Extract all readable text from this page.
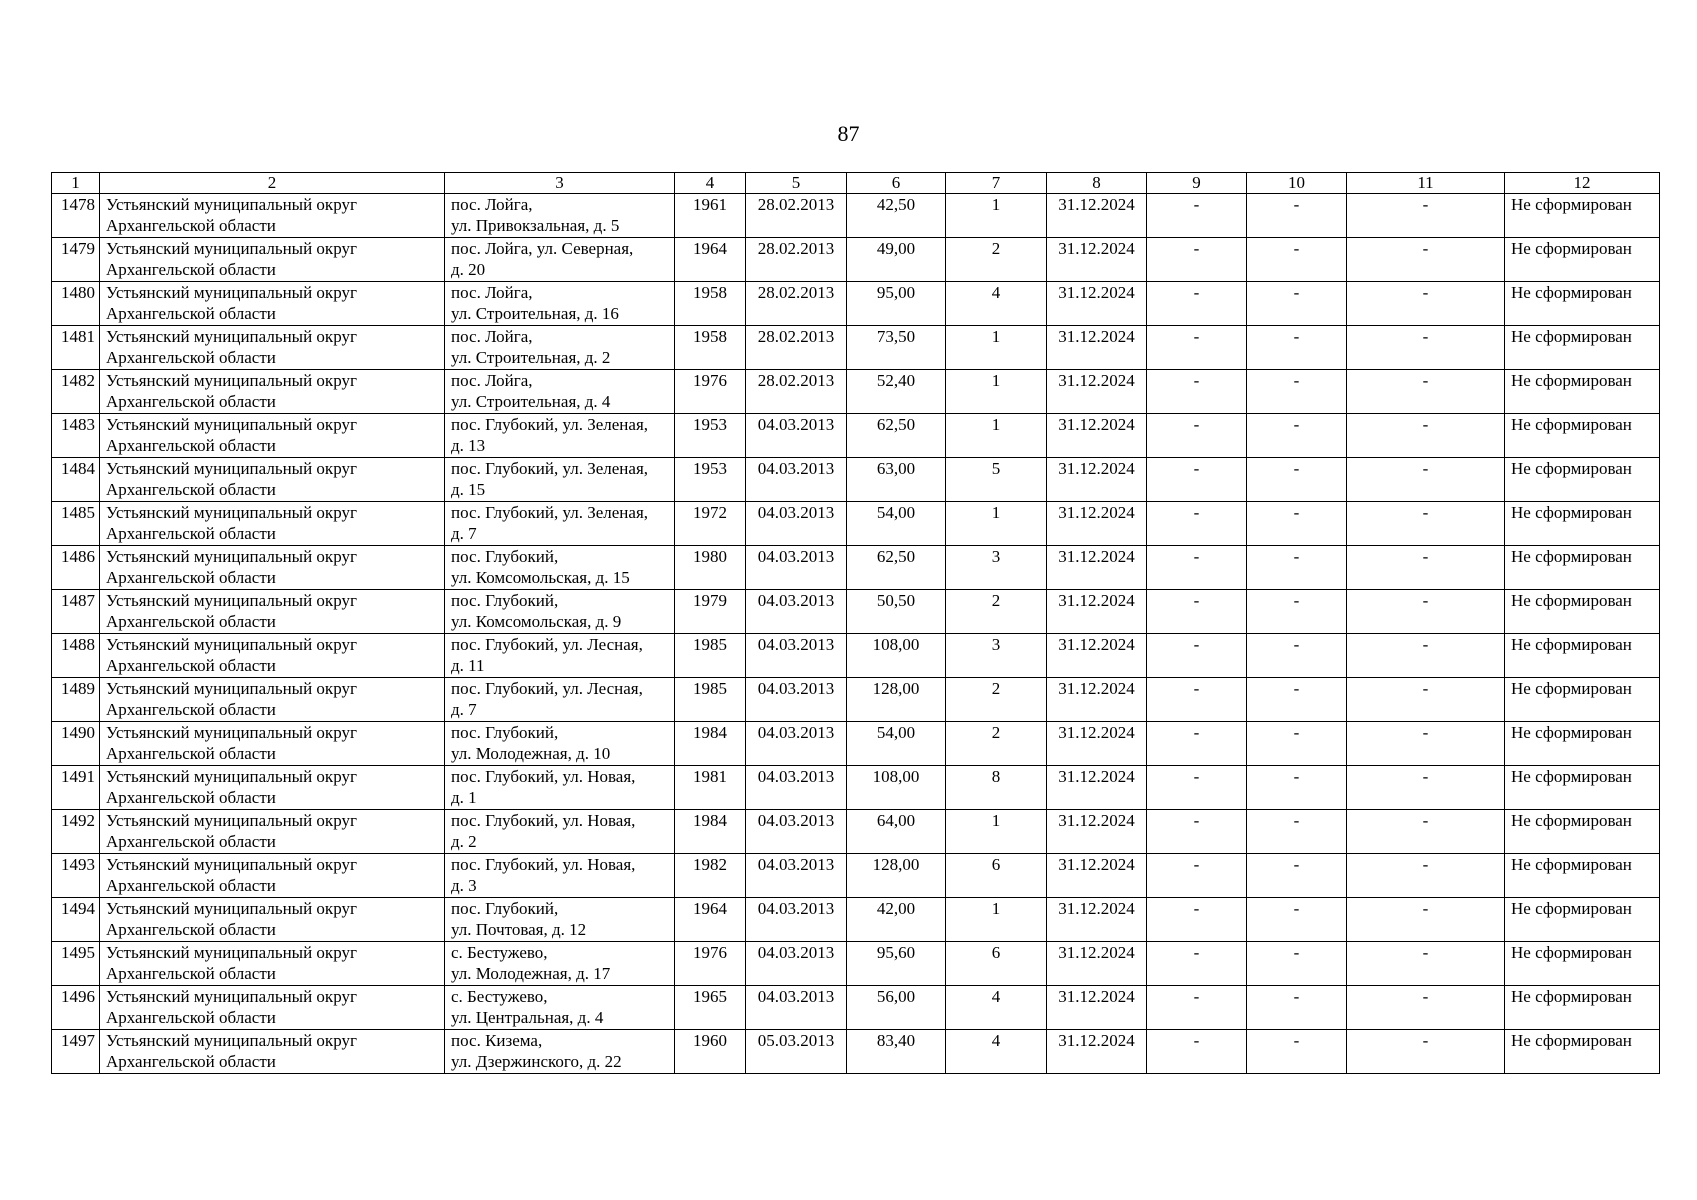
87
1	2	3	4	5	6	7	8	9	10	11	12
1478	Устьянский муниципальный округ
Архангельской области	пос. Лойга,
ул. Привокзальная, д. 5	1961	28.02.2013	42,50	1	31.12.2024	-	-	-	Не сформирован
1479	Устьянский муниципальный округ
Архангельской области	пос. Лойга, ул. Северная,
д. 20	1964	28.02.2013	49,00	2	31.12.2024	-	-	-	Не сформирован
1480	Устьянский муниципальный округ
Архангельской области	пос. Лойга,
ул. Строительная, д. 16	1958	28.02.2013	95,00	4	31.12.2024	-	-	-	Не сформирован
1481	Устьянский муниципальный округ
Архангельской области	пос. Лойга,
ул. Строительная, д. 2	1958	28.02.2013	73,50	1	31.12.2024	-	-	-	Не сформирован
1482	Устьянский муниципальный округ
Архангельской области	пос. Лойга,
ул. Строительная, д. 4	1976	28.02.2013	52,40	1	31.12.2024	-	-	-	Не сформирован
1483	Устьянский муниципальный округ
Архангельской области	пос. Глубокий, ул. Зеленая,
д. 13	1953	04.03.2013	62,50	1	31.12.2024	-	-	-	Не сформирован
1484	Устьянский муниципальный округ
Архангельской области	пос. Глубокий, ул. Зеленая,
д. 15	1953	04.03.2013	63,00	5	31.12.2024	-	-	-	Не сформирован
1485	Устьянский муниципальный округ
Архангельской области	пос. Глубокий, ул. Зеленая,
д. 7	1972	04.03.2013	54,00	1	31.12.2024	-	-	-	Не сформирован
1486	Устьянский муниципальный округ
Архангельской области	пос. Глубокий,
ул. Комсомольская, д. 15	1980	04.03.2013	62,50	3	31.12.2024	-	-	-	Не сформирован
1487	Устьянский муниципальный округ
Архангельской области	пос. Глубокий,
ул. Комсомольская, д. 9	1979	04.03.2013	50,50	2	31.12.2024	-	-	-	Не сформирован
1488	Устьянский муниципальный округ
Архангельской области	пос. Глубокий, ул. Лесная,
д. 11	1985	04.03.2013	108,00	3	31.12.2024	-	-	-	Не сформирован
1489	Устьянский муниципальный округ
Архангельской области	пос. Глубокий, ул. Лесная,
д. 7	1985	04.03.2013	128,00	2	31.12.2024	-	-	-	Не сформирован
1490	Устьянский муниципальный округ
Архангельской области	пос. Глубокий,
ул. Молодежная, д. 10	1984	04.03.2013	54,00	2	31.12.2024	-	-	-	Не сформирован
1491	Устьянский муниципальный округ
Архангельской области	пос. Глубокий, ул. Новая,
д. 1	1981	04.03.2013	108,00	8	31.12.2024	-	-	-	Не сформирован
1492	Устьянский муниципальный округ
Архангельской области	пос. Глубокий, ул. Новая,
д. 2	1984	04.03.2013	64,00	1	31.12.2024	-	-	-	Не сформирован
1493	Устьянский муниципальный округ
Архангельской области	пос. Глубокий, ул. Новая,
д. 3	1982	04.03.2013	128,00	6	31.12.2024	-	-	-	Не сформирован
1494	Устьянский муниципальный округ
Архангельской области	пос. Глубокий,
ул. Почтовая, д. 12	1964	04.03.2013	42,00	1	31.12.2024	-	-	-	Не сформирован
1495	Устьянский муниципальный округ
Архангельской области	с. Бестужево,
ул. Молодежная, д. 17	1976	04.03.2013	95,60	6	31.12.2024	-	-	-	Не сформирован
1496	Устьянский муниципальный округ
Архангельской области	с. Бестужево,
ул. Центральная, д. 4	1965	04.03.2013	56,00	4	31.12.2024	-	-	-	Не сформирован
1497	Устьянский муниципальный округ
Архангельской области	пос. Кизема,
ул. Дзержинского, д. 22	1960	05.03.2013	83,40	4	31.12.2024	-	-	-	Не сформирован
